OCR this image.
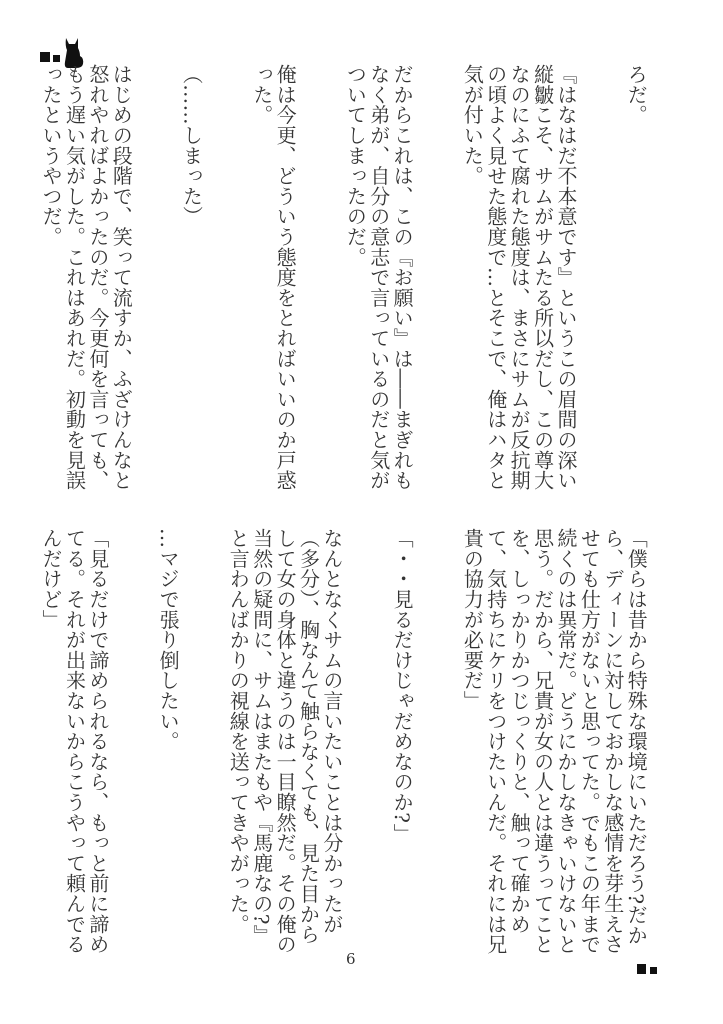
ろだ。

『はなはだ不本意です』というこの眉間の深い縦皺こそ、サムがサムたる所以だし、この尊大なのにふて腐れた態度は、まさにサムが反抗期の頃よく見せた態度で…とそこで、俺はハタと気が付いた。

だからこれは、この『お願い』は――まぎれもなく弟が、自分の意志で言っているのだと気がついてしまったのだ。

俺は今更、どういう態度をとればいいのか戸惑った。

（……しまった）

はじめの段階で、笑って流すか、ふざけんなと怒れやればよかったのだ。今更何を言っても、もう遅い気がした。これはあれだ。初動を見誤ったというやつだ。

「僕らは昔から特殊な環境にいただろう?だから、ディーンに対しておかしな感情を芽生えさせても仕方がないと思ってた。でもこの年まで続くのは異常だ。どうにかしなきゃいけないと思う。だから、兄貴が女の人とは違うってことを、しっかりかつじっくりと、触って確かめて、気持ちにケリをつけたいんだ。それには兄貴の協力が必要だ」

「・・見るだけじゃだめなのか?」

なんとなくサムの言いたいことは分かったが（多分）、胸なんて触らなくても、見た目からして女の身体と違うのは一目瞭然だ。その俺の当然の疑問に、サムはまたもや『馬鹿なの?』と言わんばかりの視線を送ってきやがった。

…マジで張り倒したい。

「見るだけで諦められるなら、もっと前に諦めてる。それが出来ないからこうやって頼んでるんだけど」

6
